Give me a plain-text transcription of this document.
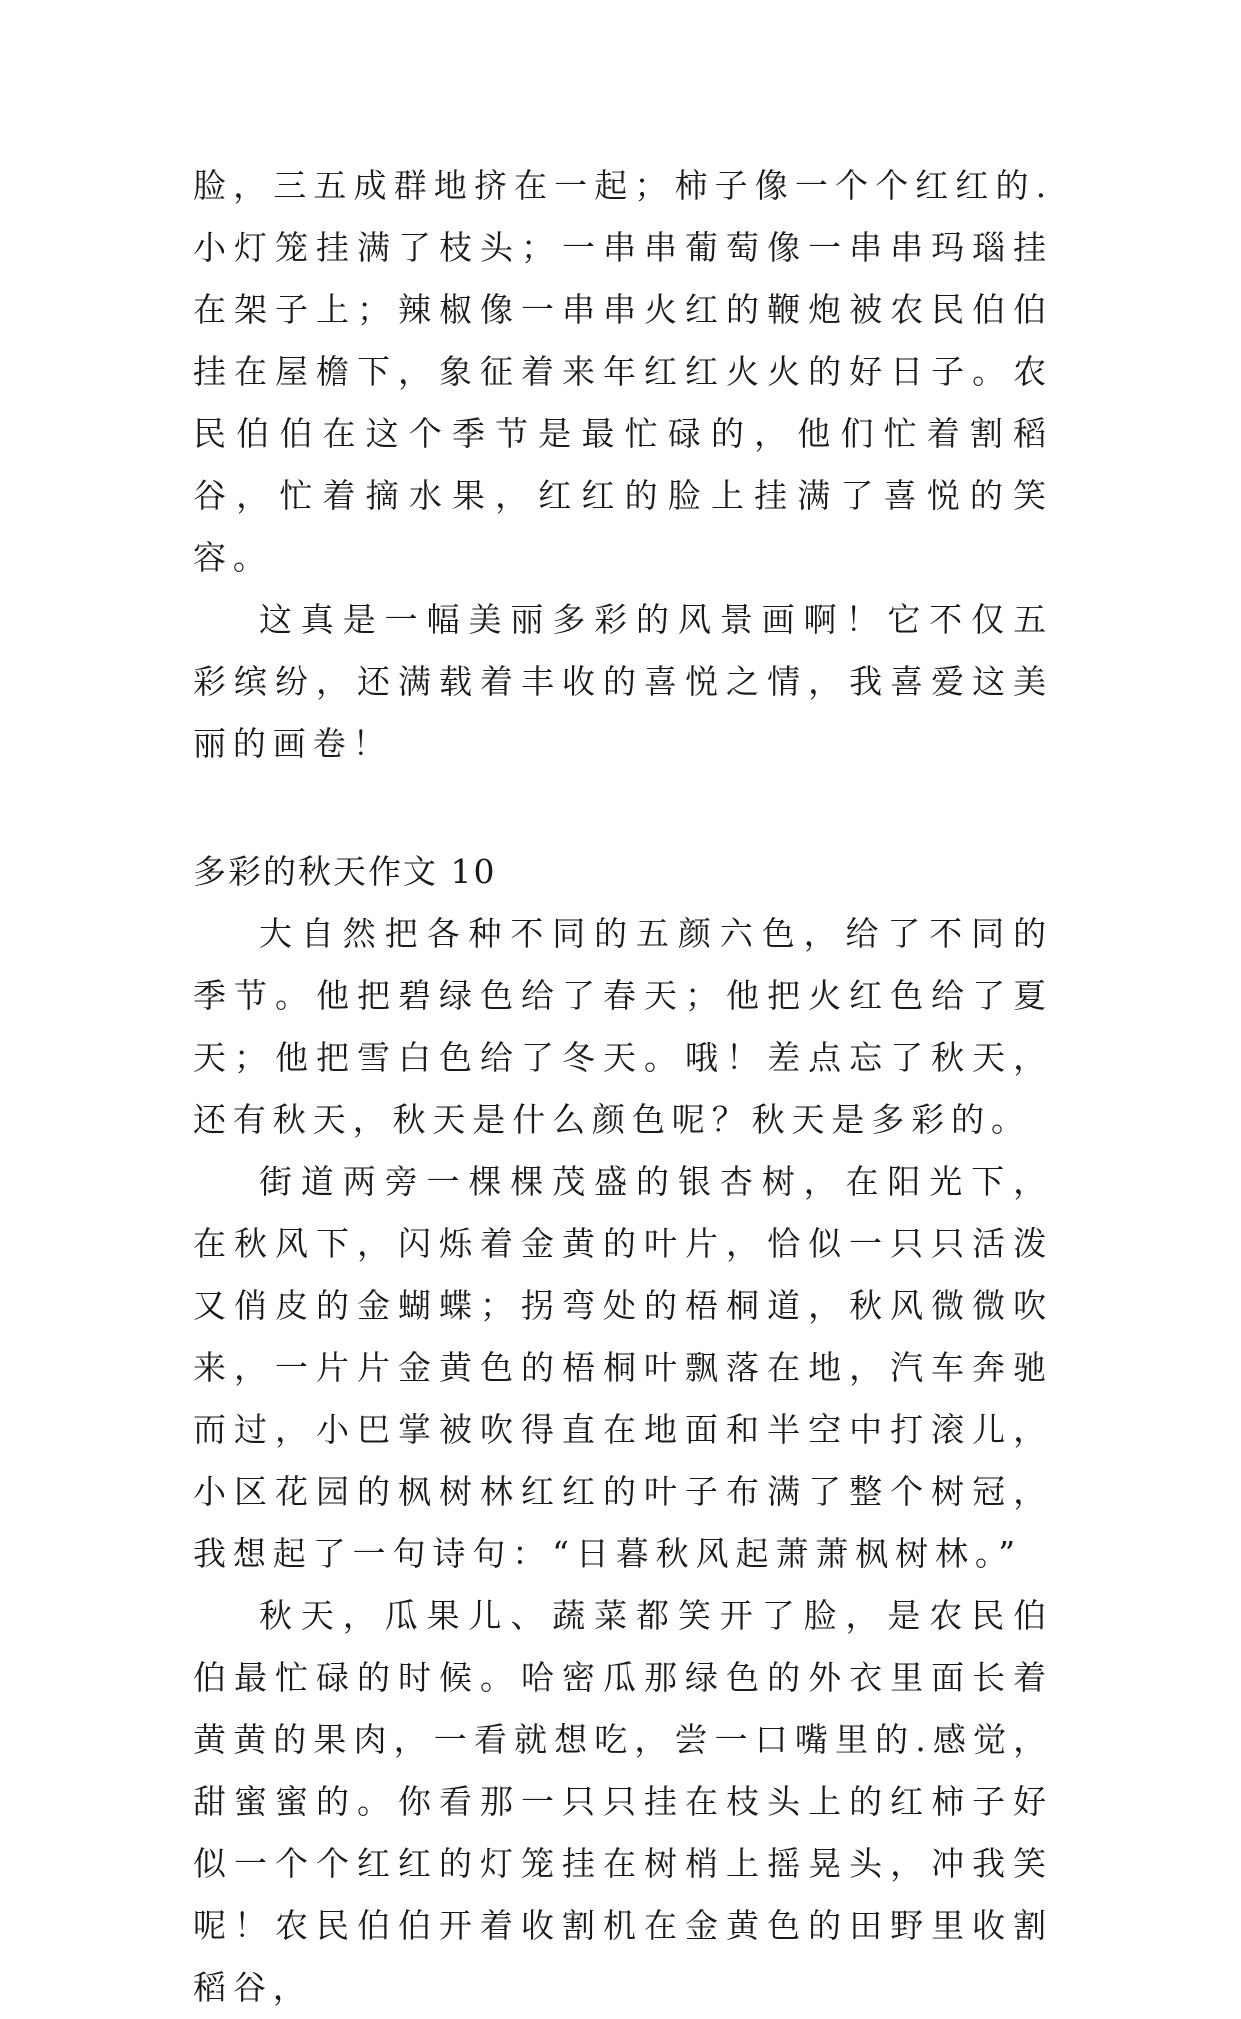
脸，三五成群地挤在一起；柿子像一个个红红的.小灯笼挂满了枝头；一串串葡萄像一串串玛瑙挂在架子上；辣椒像一串串火红的鞭炮被农民伯伯挂在屋檐下，象征着来年红红火火的好日子。农民伯伯在这个季节是最忙碌的，他们忙着割稻谷，忙着摘水果，红红的脸上挂满了喜悦的笑容。

这真是一幅美丽多彩的风景画啊！它不仅五彩缤纷，还满载着丰收的喜悦之情，我喜爱这美丽的画卷！

多彩的秋天作文 10

大自然把各种不同的五颜六色，给了不同的季节。他把碧绿色给了春天；他把火红色给了夏天；他把雪白色给了冬天。哦！差点忘了秋天，还有秋天，秋天是什么颜色呢？秋天是多彩的。

街道两旁一棵棵茂盛的银杏树，在阳光下，在秋风下，闪烁着金黄的叶片，恰似一只只活泼又俏皮的金蝴蝶；拐弯处的梧桐道，秋风微微吹来，一片片金黄色的梧桐叶飘落在地，汽车奔驰而过，小巴掌被吹得直在地面和半空中打滚儿，小区花园的枫树林红红的叶子布满了整个树冠，我想起了一句诗句：“日暮秋风起萧萧枫树林。”

秋天，瓜果儿、蔬菜都笑开了脸，是农民伯伯最忙碌的时候。哈密瓜那绿色的外衣里面长着黄黄的果肉，一看就想吃，尝一口嘴里的.感觉，甜蜜蜜的。你看那一只只挂在枝头上的红柿子好似一个个红红的灯笼挂在树梢上摇晃头，冲我笑呢！农民伯伯开着收割机在金黄色的田野里收割稻谷，
